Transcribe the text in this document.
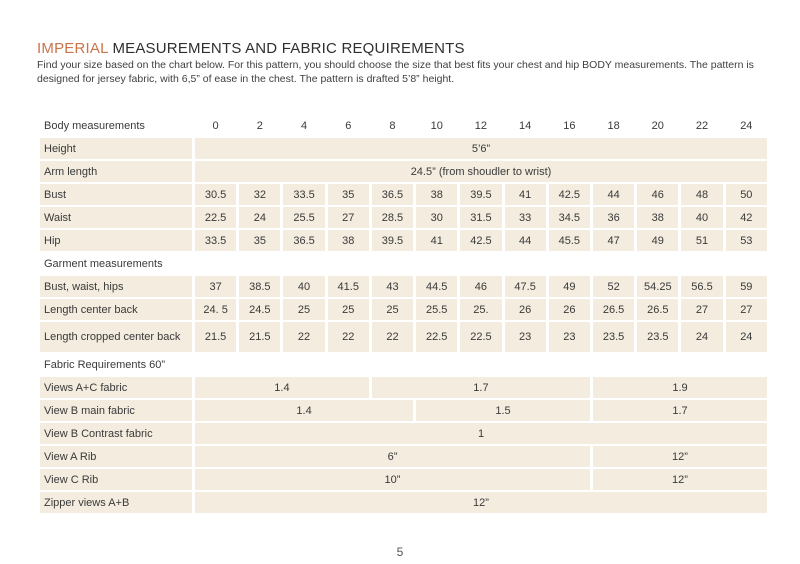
IMPERIAL MEASUREMENTS AND FABRIC REQUIREMENTS
Find your size based on the chart below. For this pattern, you should choose the size that best fits your chest and hip BODY measurements. The pattern is designed for jersey fabric, with 6,5” of ease in the chest. The pattern is drafted 5’8” height.
Body measurements	0	2	4	6	8	10	12	14	16	18	20	22	24
Height	5’6”												
Arm length	24.5” (from shoudler to wrist)												
Bust	30.5	32	33.5	35	36.5	38	39.5	41	42.5	44	46	48	50
Waist	22.5	24	25.5	27	28.5	30	31.5	33	34.5	36	38	40	42
Hip	33.5	35	36.5	38	39.5	41	42.5	44	45.5	47	49	51	53
Garment measurements													
Bust, waist, hips	37	38.5	40	41.5	43	44.5	46	47.5	49	52	54.25	56.5	59
Length center back	24. 5	24.5	25	25	25	25.5	25.	26	26	26.5	26.5	27	27
Length cropped center back	21.5	21.5	22	22	22	22.5	22.5	23	23	23.5	23.5	24	24
Fabric Requirements 60”													
Views A+C fabric	1.4				1.7					1.9			
View B main fabric	1.4					1.5				1.7			
View B Contrast fabric	1												
View A Rib	6”									12”			
View C Rib	10”									12”			
Zipper views A+B	12”												
5
